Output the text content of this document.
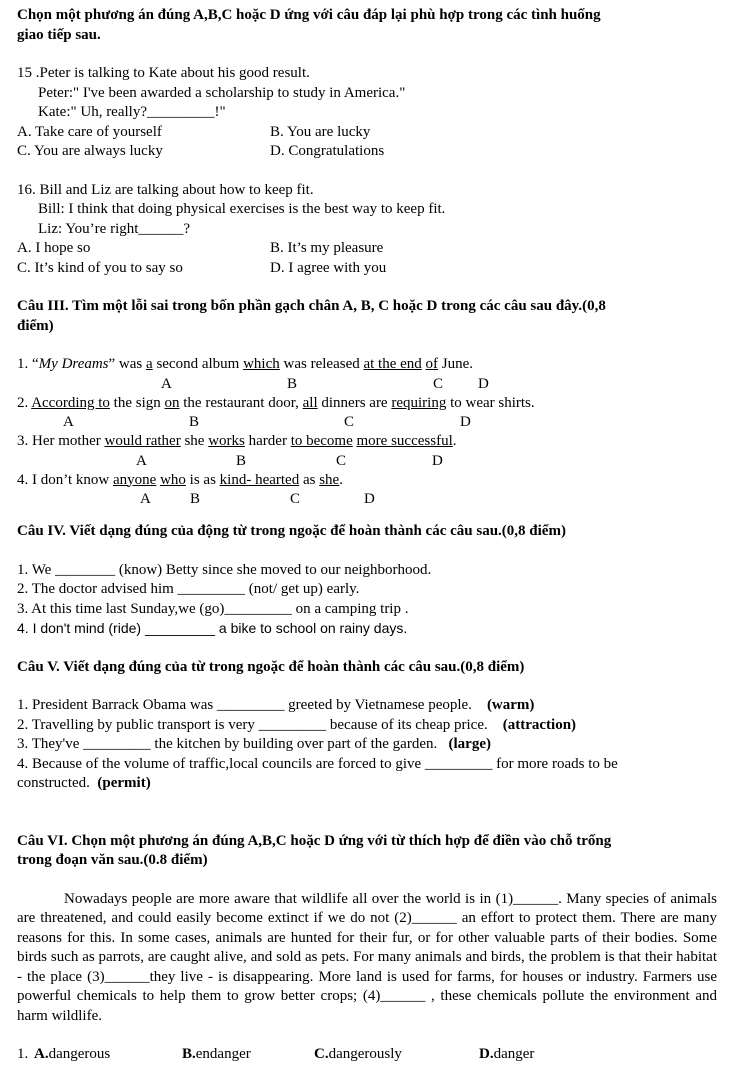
Chọn một phương án đúng A,B,C hoặc D ứng với câu đáp lại phù hợp trong các tình huống

giao tiếp sau.

15 .Peter is talking to Kate about his good result.

Peter:" I've been awarded a scholarship to study in America."

Kate:" Uh, really?_________!"

A. Take care of yourself	B. You are lucky
C. You are always lucky	D. Congratulations

16. Bill and Liz are talking about how to keep fit.

Bill: I think that doing physical exercises is the best way to keep fit.

Liz: You’re right______?

A. I hope so	B. It’s my pleasure
C. It’s kind of you to say so	D. I agree with you

Câu III. Tìm một lỗi sai trong bốn phần gạch chân A, B, C hoặc D trong các câu sau đây.(0,8

điểm)

1. “My Dreams” was a second album which was released at the end of June.

A	B	C D

2. According to the sign on the restaurant door, all dinners are requiring to wear shirts.

A	B	C	D

3. Her mother would rather she works harder to become more successful.

A	B	C	D

4. I don’t know anyone who is as kind- hearted as she.

A	B	C	D

Câu IV. Viết dạng đúng của động từ trong ngoặc để hoàn thành các câu sau.(0,8 điểm)

1. We ________ (know) Betty since she moved to our neighborhood.

2. The doctor advised him _________ (not/ get up) early.

3. At this time last Sunday,we (go)_________ on a camping trip .

4. I don't mind (ride) _________ a bike to school on rainy days.

Câu V. Viết dạng đúng của từ trong ngoặc để hoàn thành các câu sau.(0,8 điểm)

1. President Barrack Obama was _________ greeted by Vietnamese people. (warm)

2. Travelling by public transport is very _________ because of its cheap price. (attraction)

3. They've _________ the kitchen by building over part of the garden. (large)

4. Because of the volume of traffic,local councils are forced to give _________ for more roads to be

constructed. (permit)

Câu VI. Chọn một phương án đúng A,B,C hoặc D ứng với từ thích hợp để điền vào chỗ trống

trong đoạn văn sau.(0.8 điểm)

Nowadays people are more aware that wildlife all over the world is in (1)______. Many species of animals are threatened, and could easily become extinct if we do not (2)______ an effort to protect them. There are many reasons for this. In some cases, animals are hunted for their fur, or for other valuable parts of their bodies. Some birds such as parrots, are caught alive, and sold as pets. For many animals and birds, the problem is that their habitat - the place (3)______they live - is disappearing. More land is used for farms, for houses or industry. Farmers use powerful chemicals to help them to grow better crops; (4)______ , these chemicals pollute the environment and harm wildlife.

1. A.dangerous	B.endanger	C.dangerously	D.danger
